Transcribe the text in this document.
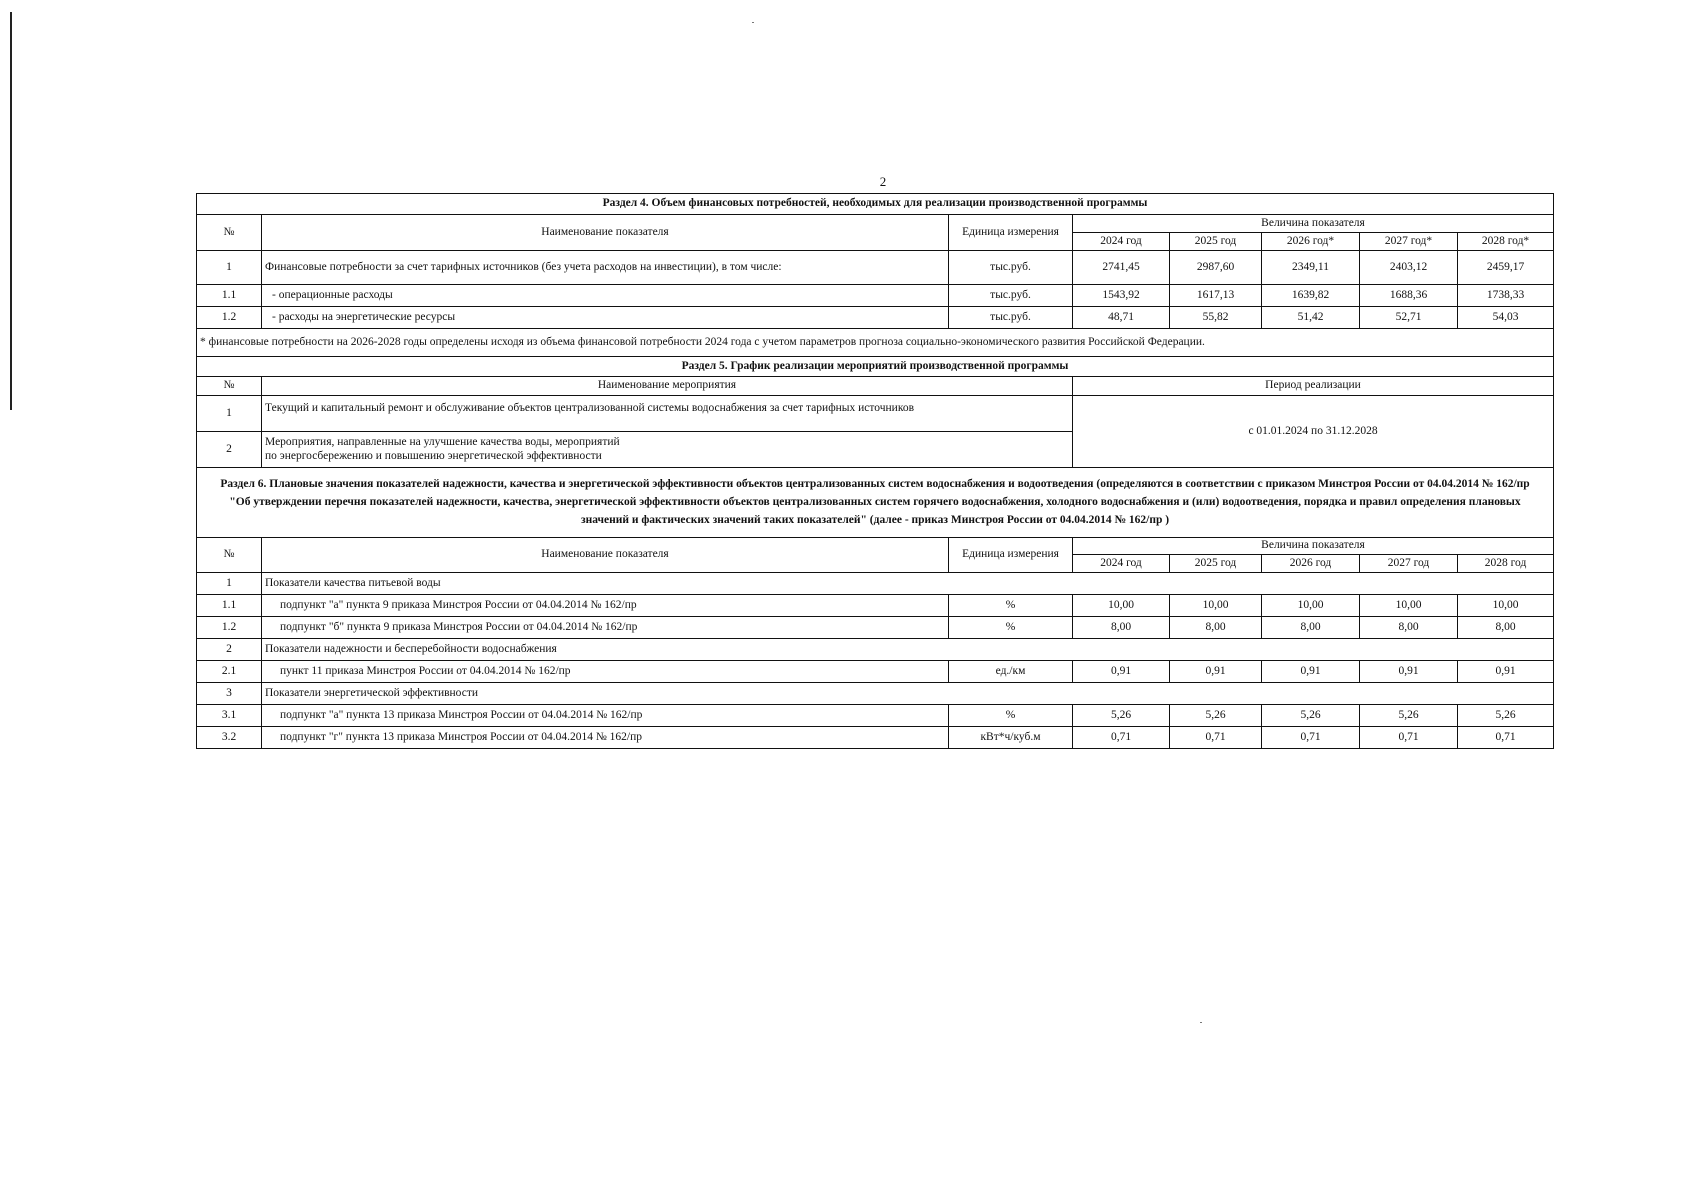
2
Раздел 4. Объем финансовых потребностей, необходимых для реализации производственной программы							
№	Наименование показателя	Единица измерения	Величина показателя				
			2024 год	2025 год	2026 год*	2027 год*	2028 год*
1	Финансовые потребности за счет тарифных источников (без учета расходов на инвестиции), в том числе:	тыс.руб.	2741,45	2987,60	2349,11	2403,12	2459,17
1.1	- операционные расходы	тыс.руб.	1543,92	1617,13	1639,82	1688,36	1738,33
1.2	- расходы на энергетические ресурсы	тыс.руб.	48,71	55,82	51,42	52,71	54,03
* финансовые потребности на 2026-2028 годы определены исходя из объема финансовой потребности 2024 года с учетом параметров прогноза социально-экономического развития Российской Федерации.							
Раздел 5. График реализации мероприятий производственной программы							
№	Наименование мероприятия		Период реализации				
1	Текущий и капитальный ремонт и обслуживание объектов централизованной системы водоснабжения за счет тарифных источников		с 01.01.2024 по 31.12.2028				
2	Мероприятия, направленные на улучшение качества воды, мероприятий
по энергосбережению и повышению энергетической эффективности						

Раздел 6. Плановые значения показателей надежности, качества и энергетической эффективности объектов централизованных систем водоснабжения и водоотведения (определяются в соответствии с приказом Минстроя России от 04.04.2014 № 162/пр "Об утверждении перечня показателей надежности, качества, энергетической эффективности объектов централизованных систем горячего водоснабжения, холодного водоснабжения и (или) водоотведения, порядка и правил определения плановых значений и фактических значений таких показателей" (далее - приказ Минстроя России от 04.04.2014 № 162/пр )							
№	Наименование показателя	Единица измерения	Величина показателя				
			2024 год	2025 год	2026 год	2027 год	2028 год
1	Показатели качества питьевой воды						
1.1	подпункт "а" пункта 9 приказа Минстроя России от 04.04.2014 № 162/пр	%	10,00	10,00	10,00	10,00	10,00
1.2	подпункт "б" пункта 9 приказа Минстроя России от 04.04.2014 № 162/пр	%	8,00	8,00	8,00	8,00	8,00
2	Показатели надежности и бесперебойности водоснабжения						
2.1	пункт 11 приказа Минстроя России от 04.04.2014 № 162/пр	ед./км	0,91	0,91	0,91	0,91	0,91
3	Показатели энергетической эффективности						
3.1	подпункт "а" пункта 13 приказа Минстроя России от 04.04.2014 № 162/пр	%	5,26	5,26	5,26	5,26	5,26
3.2	подпункт "г" пункта 13 приказа Минстроя России от 04.04.2014 № 162/пр	кВт*ч/куб.м	0,71	0,71	0,71	0,71	0,71
